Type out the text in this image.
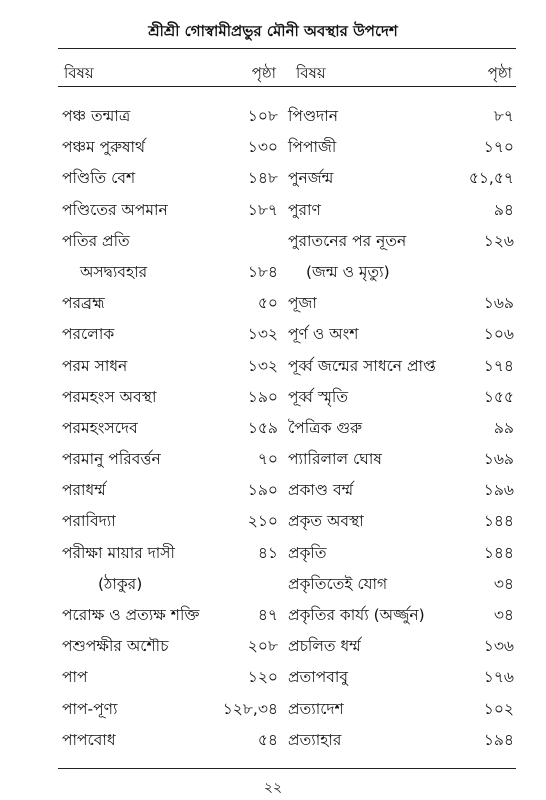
শ্রীশ্রী গোস্বামীপ্রভুর মৌনী অবস্থার উপদেশ
বিষয়	পৃষ্ঠা বিষয়	পৃষ্ঠা
পঞ্চ তন্মাত্র	১০৮
পঞ্চম পুরুষার্থ	১৩০
পণ্ডিতি বেশ	১৪৮
পণ্ডিতের অপমান	১৮৭
পতির প্রতি
অসদ্ব্যবহার	১৮৪
পরব্রহ্ম	৫০
পরলোক	১৩২
পরম সাধন	১৩২
পরমহংস অবস্থা	১৯০
পরমহংসদেব	১৫৯
পরমানু পরিবর্ত্তন	৭০
পরাধর্ম্ম	১৯০
পরাবিদ্যা	২১০
পরীক্ষা মায়ার দাসী	৪১
(ঠাকুর)
পরোক্ষ ও প্রত্যক্ষ শক্তি	৪৭
পশুপক্ষীর অশৌচ	২০৮
পাপ	১২০
পাপ-পূণ্য	১২৮,৩৪
পাপবোধ	৫৪
পিণ্ডদান	৮৭
পিপাজী	১৭০
পুনর্জন্ম	৫১,৫৭
পুরাণ	৯৪
পুরাতনের পর নূতন	১২৬
(জন্ম ও মৃত্যু)
পূজা	১৬৯
পূর্ণ ও অংশ	১০৬
পূর্ব্ব জন্মের সাধনে প্রাপ্ত	১৭৪
পূর্ব্ব স্মৃতি	১৫৫
পৈত্রিক গুরু	৯৯
প্যারিলাল ঘোষ	১৬৯
প্রকাণ্ড বর্ম্ম	১৯৬
প্রকৃত অবস্থা	১৪৪
প্রকৃতি	১৪৪
প্রকৃতিতেই যোগ	৩৪
প্রকৃতির কার্য্য (অর্জ্জুন)	৩৪
প্রচলিত ধর্ম্ম	১৩৬
প্রতাপবাবু	১৭৬
প্রত্যাদেশ	১০২
প্রত্যাহার	১৯৪
২২
